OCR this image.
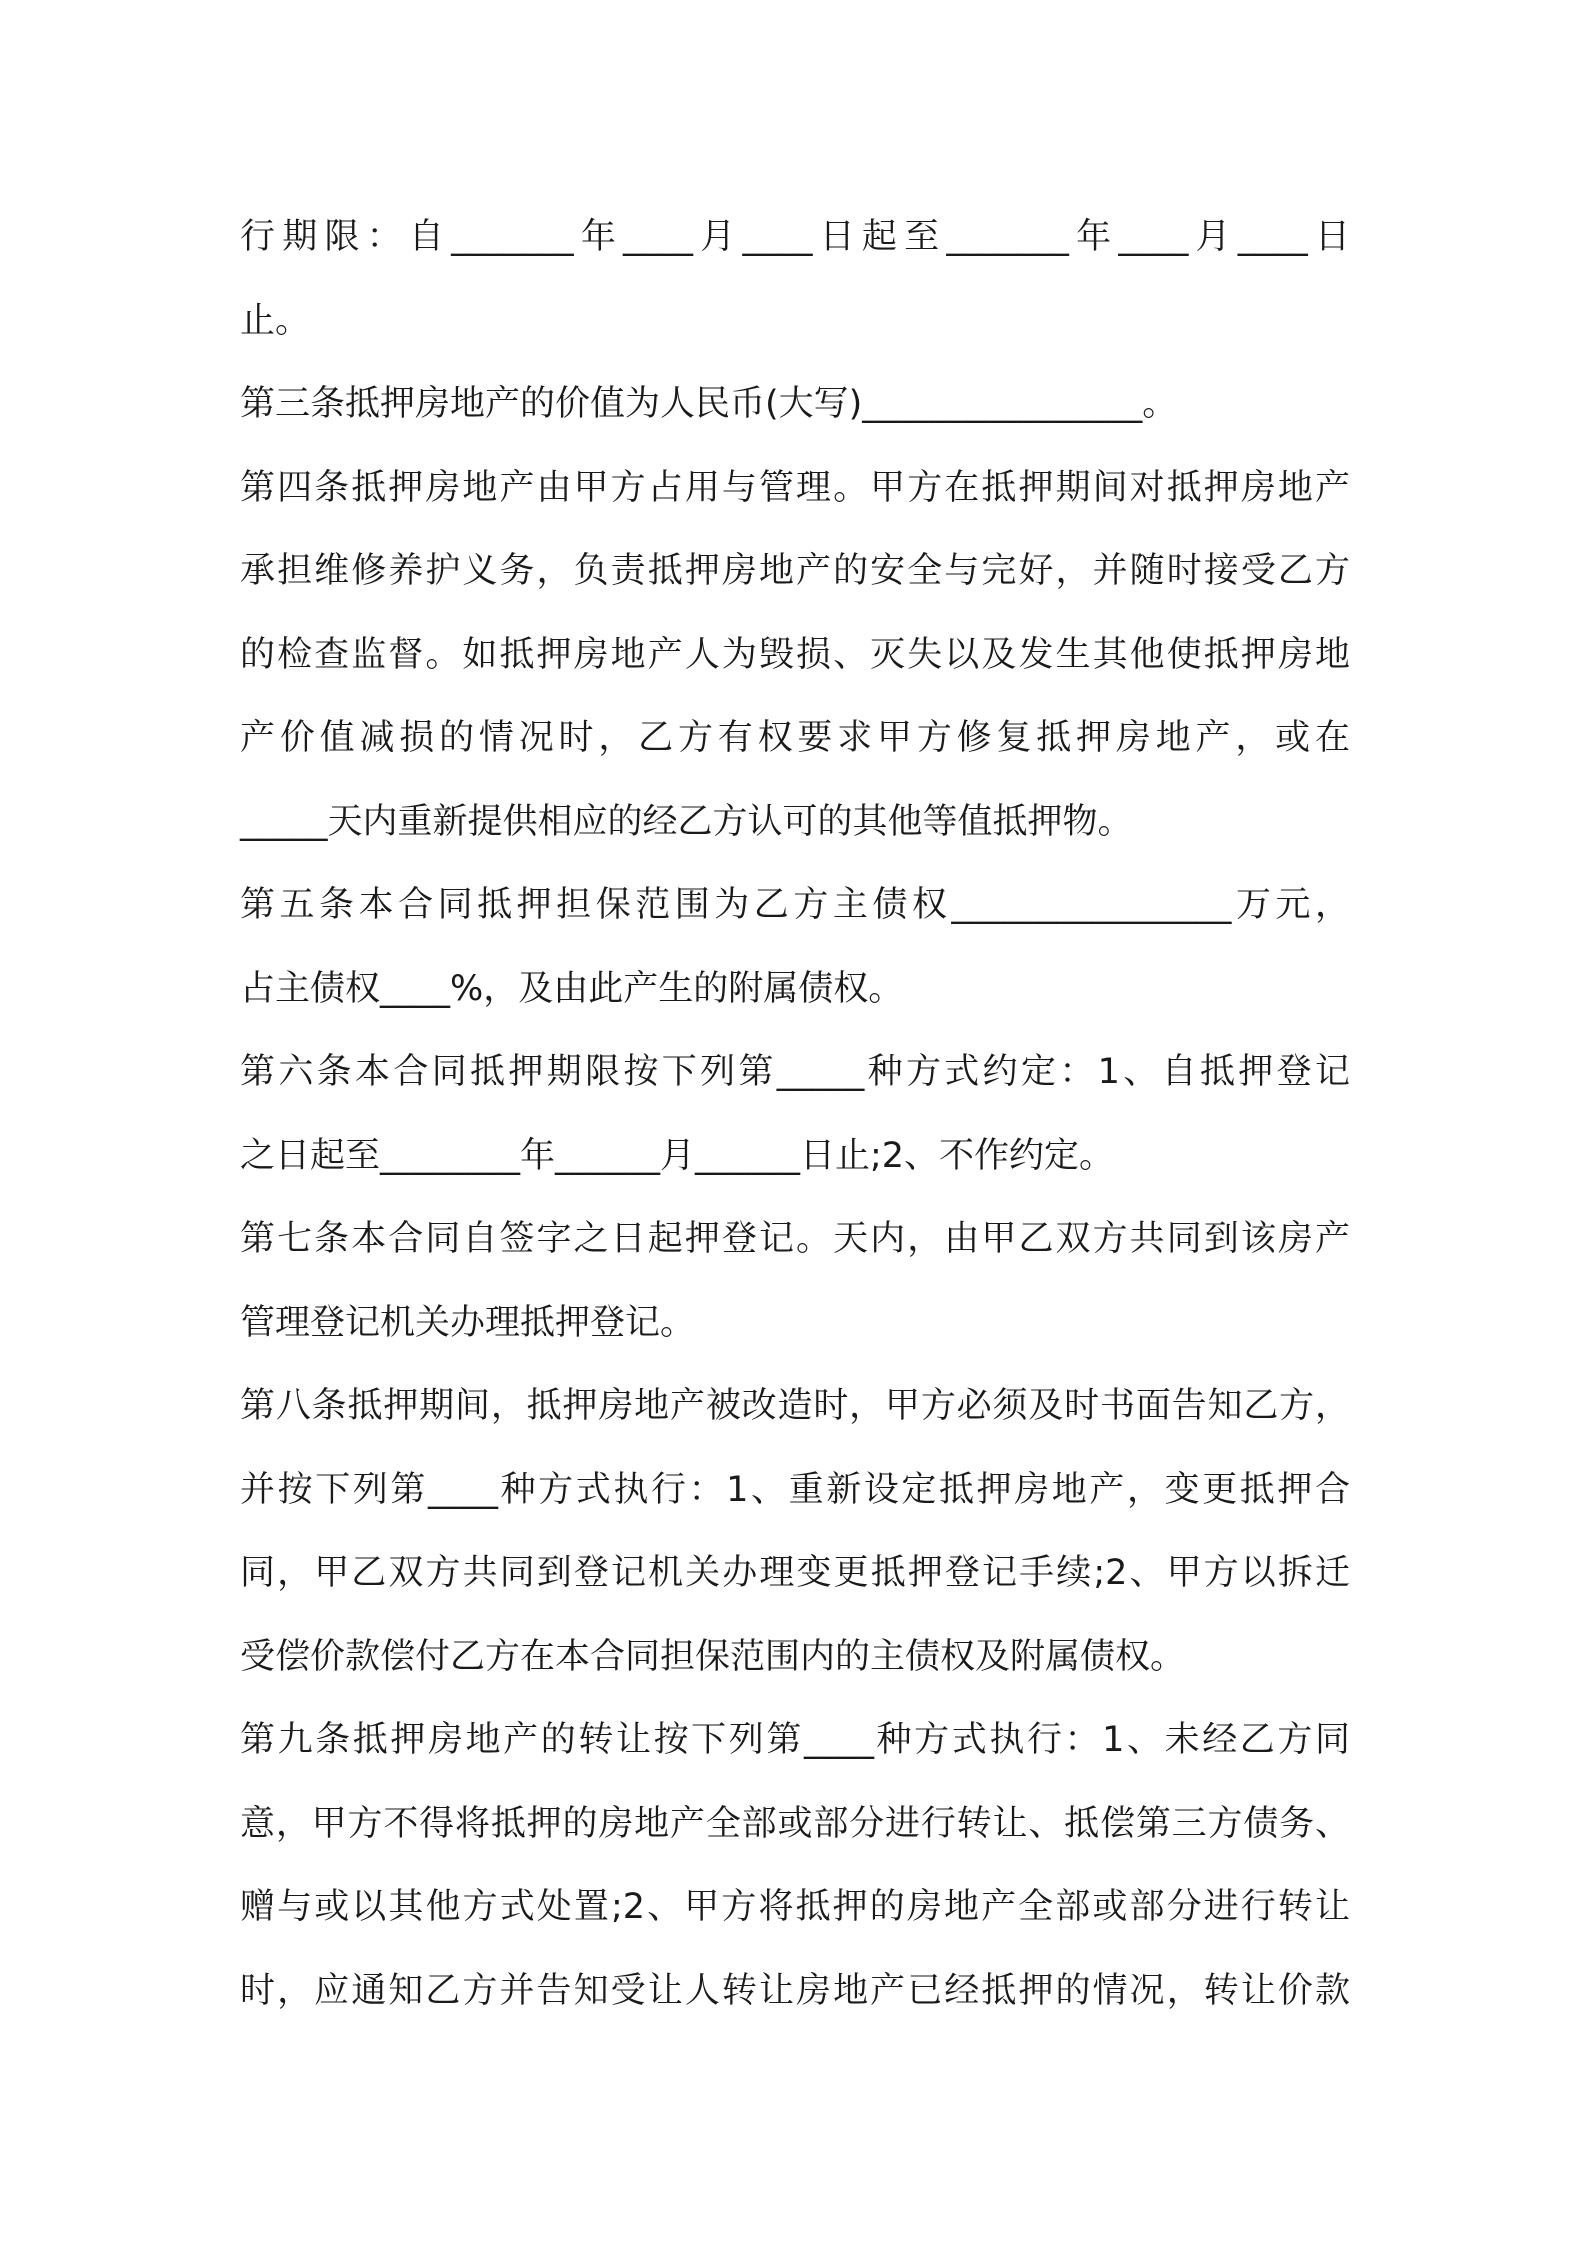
行期限：自_______年____月____日起至_______年____月____日
止。
第三条抵押房地产的价值为人民币(大写)________________。
第四条抵押房地产由甲方占用与管理。甲方在抵押期间对抵押房地产
承担维修养护义务，负责抵押房地产的安全与完好，并随时接受乙方
的检查监督。如抵押房地产人为毁损、灭失以及发生其他使抵押房地
产价值减损的情况时，乙方有权要求甲方修复抵押房地产，或在
_____天内重新提供相应的经乙方认可的其他等值抵押物。
第五条本合同抵押担保范围为乙方主债权________________万元，
占主债权____%，及由此产生的附属债权。
第六条本合同抵押期限按下列第_____种方式约定：1、自抵押登记
之日起至________年______月______日止;2、不作约定。
第七条本合同自签字之日起押登记。天内，由甲乙双方共同到该房产
管理登记机关办理抵押登记。
第八条抵押期间，抵押房地产被改造时，甲方必须及时书面告知乙方，
并按下列第____种方式执行：1、重新设定抵押房地产，变更抵押合
同，甲乙双方共同到登记机关办理变更抵押登记手续;2、甲方以拆迁
受偿价款偿付乙方在本合同担保范围内的主债权及附属债权。
第九条抵押房地产的转让按下列第____种方式执行：1、未经乙方同
意，甲方不得将抵押的房地产全部或部分进行转让、抵偿第三方债务、
赠与或以其他方式处置;2、甲方将抵押的房地产全部或部分进行转让
时，应通知乙方并告知受让人转让房地产已经抵押的情况，转让价款
